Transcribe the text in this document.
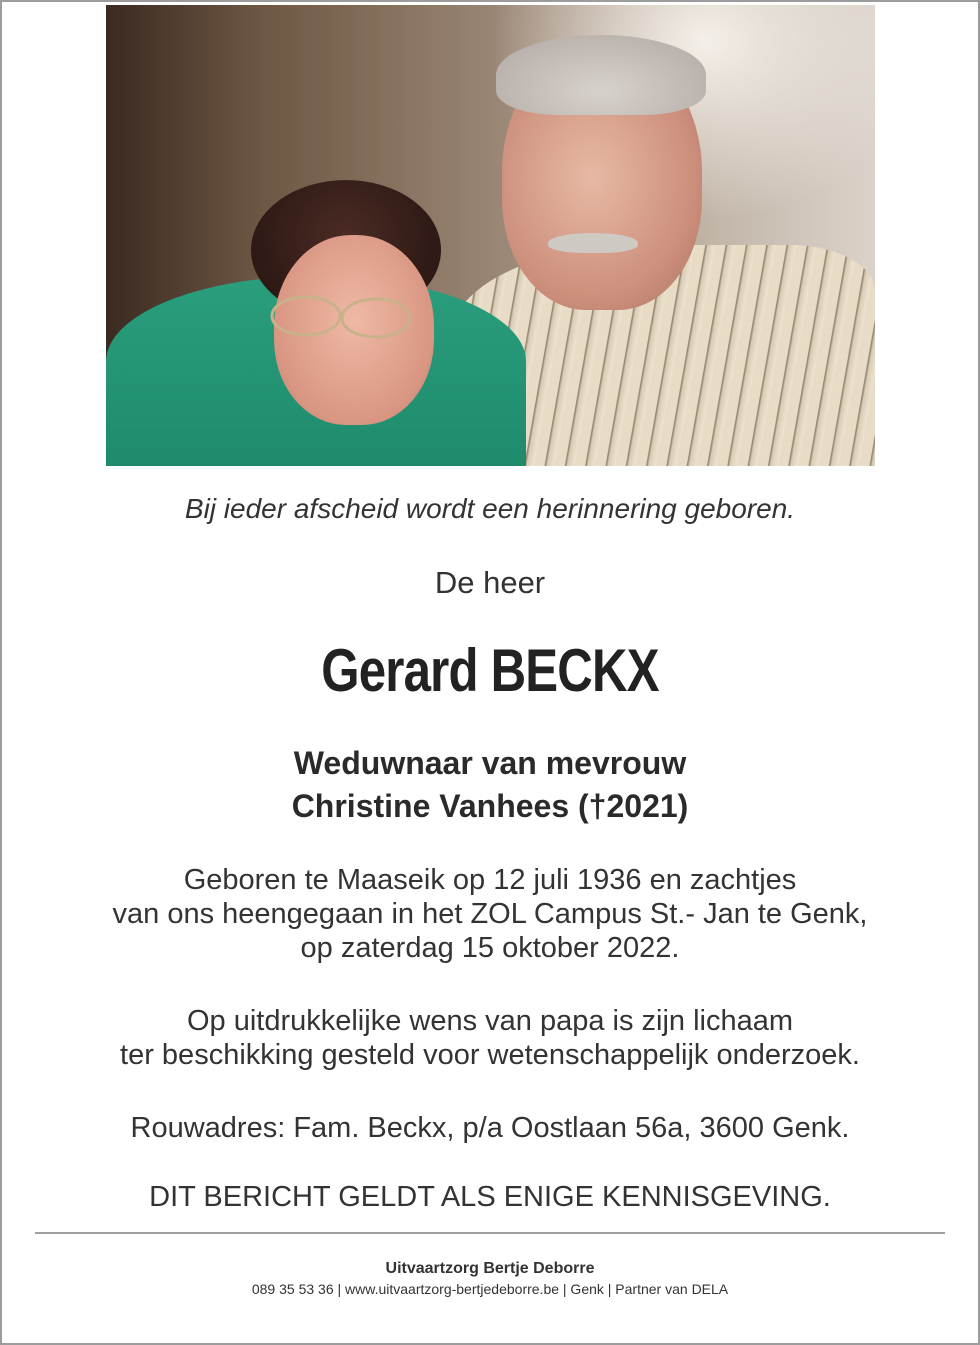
Bij ieder afscheid wordt een herinnering geboren.
De heer
Gerard BECKX
Weduwnaar van mevrouw
Christine Vanhees (†2021)
Geboren te Maaseik op 12 juli 1936 en zachtjes
van ons heengegaan in het ZOL Campus St.- Jan te Genk,
op zaterdag 15 oktober 2022.
Op uitdrukkelijke wens van papa is zijn lichaam
ter beschikking gesteld voor wetenschappelijk onderzoek.
Rouwadres: Fam. Beckx, p/a Oostlaan 56a, 3600 Genk.
DIT BERICHT GELDT ALS ENIGE KENNISGEVING.
Uitvaartzorg Bertje Deborre
089 35 53 36 | www.uitvaartzorg-bertjedeborre.be | Genk | Partner van DELA
